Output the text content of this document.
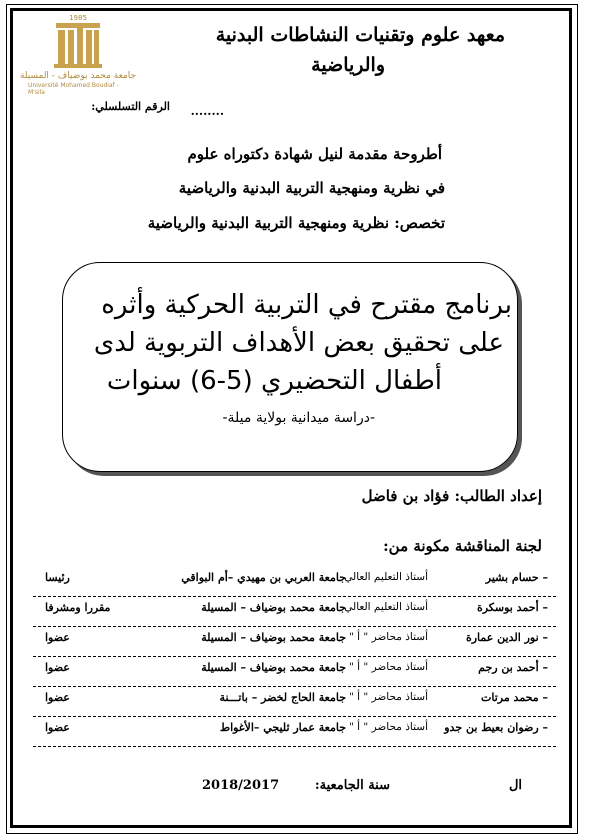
1985
جامعة محمد بوضياف - المسيلة
Université Mohamed Boudiaf - M'sila
معهد علوم وتقنيات النشاطات البدنية
والرياضية
الرقم التسلسلي: ........
أطروحة مقدمة لنيل شهادة دكتوراه علوم
في نظرية ومنهجية التربية البدنية والرياضية
تخصص: نظرية ومنهجية التربية البدنية والرياضية
برنامج مقترح في التربية الحركية وأثره
على تحقيق بعض الأهداف التربوية لدى
أطفال التحضيري (5-6) سنوات
-دراسة ميدانية بولاية ميلة-
إعداد الطالب: فؤاد بن فاضل
لجنة المناقشة مكونة من:
– حسام بشير
أستاذ التعليم العالي
جامعة العربي بن مهيدي –أم البواقي
رئيسا
– أحمد بوسكرة
أستاذ التعليم العالي
جامعة محمد بوضياف – المسيلة
مقررا ومشرفا
– نور الدين عمارة
أستاذ محاضر " أ "
جامعة محمد بوضياف – المسيلة
عضوا
– أحمد بن رجم
أستاذ محاضر " أ "
جامعة محمد بوضياف – المسيلة
عضوا
– محمد مرتات
أستاذ محاضر " أ "
جامعة الحاج لخضر – باتـــنة
عضوا
– رضوان بعيط بن جدو
أستاذ محاضر " أ "
جامعة عمار ثليجي –الأغواط
عضوا
ال
سنة الجامعية:
2018/2017
